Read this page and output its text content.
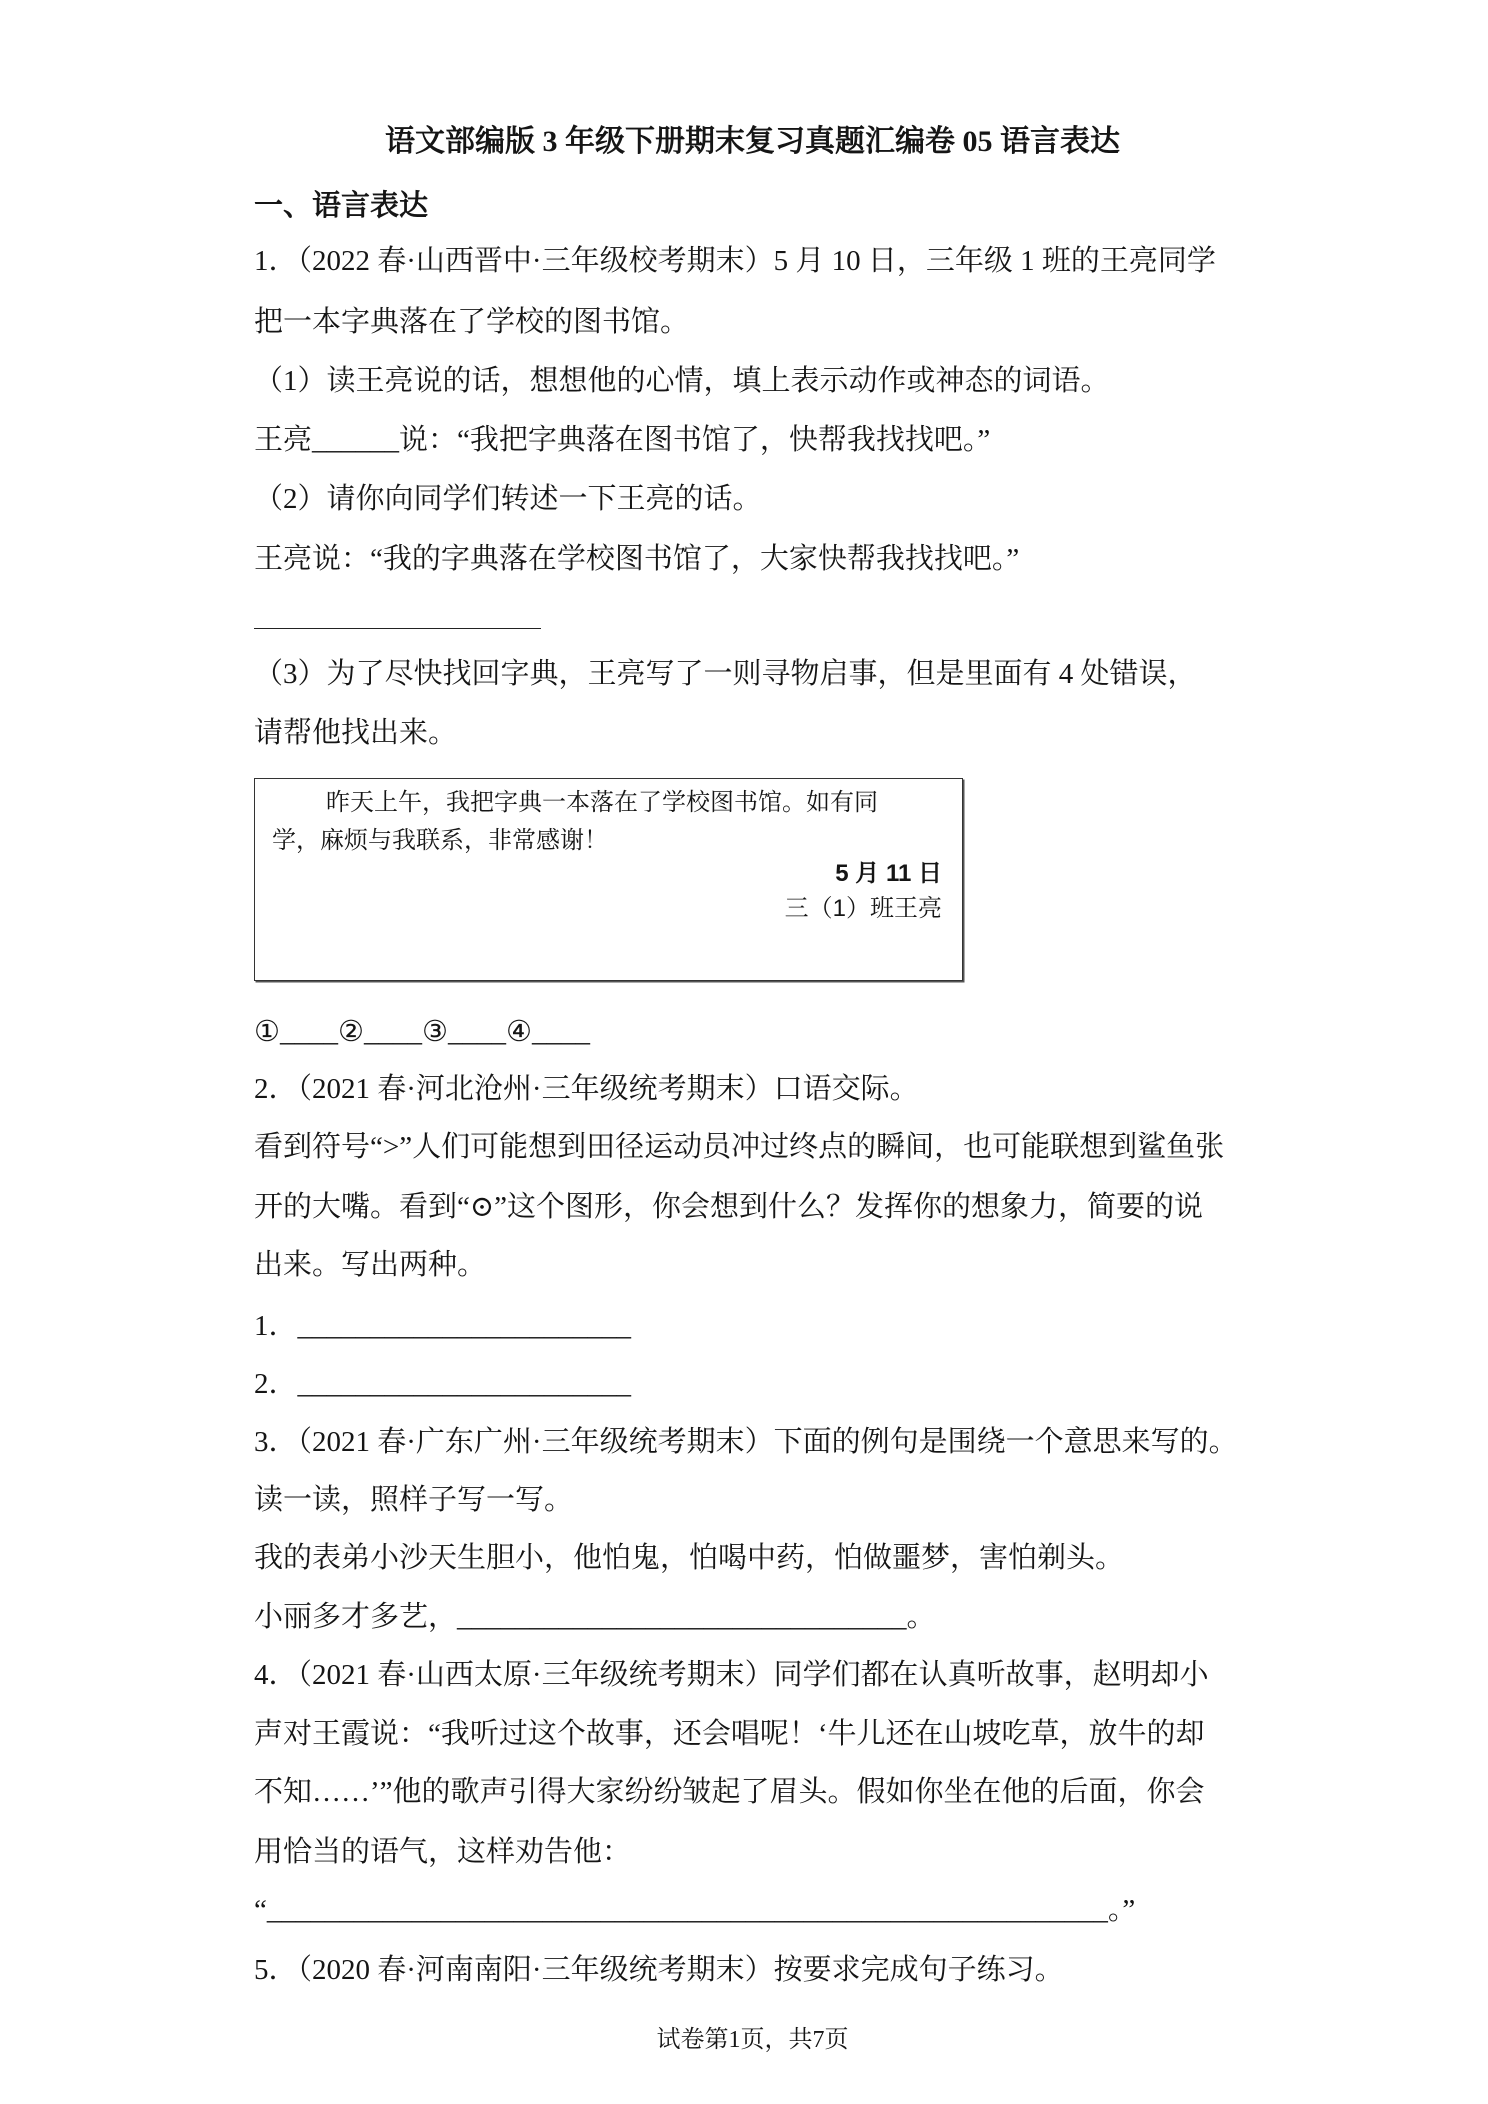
语文部编版 3 年级下册期末复习真题汇编卷 05 语言表达
一、语言表达
1．（2022 春·山西晋中·三年级校考期末）5 月 10 日，三年级 1 班的王亮同学
把一本字典落在了学校的图书馆。
（1）读王亮说的话，想想他的心情，填上表示动作或神态的词语。
王亮______说：“我把字典落在图书馆了，快帮我找找吧。”
（2）请你向同学们转述一下王亮的话。
王亮说：“我的字典落在学校图书馆了，大家快帮我找找吧。”
（3）为了尽快找回字典，王亮写了一则寻物启事，但是里面有 4 处错误，
请帮他找出来。
昨天上午，我把字典一本落在了学校图书馆。如有同
学，麻烦与我联系，非常感谢！
5 月 11 日
三（1）班王亮
①____②____③____④____
2．（2021 春·河北沧州·三年级统考期末）口语交际。
看到符号“>”人们可能想到田径运动员冲过终点的瞬间，也可能联想到鲨鱼张
开的大嘴。看到“⊙”这个图形，你会想到什么？发挥你的想象力，简要的说
出来。写出两种。
1．_______________________
2．_______________________
3．（2021 春·广东广州·三年级统考期末）下面的例句是围绕一个意思来写的。
读一读，照样子写一写。
我的表弟小沙天生胆小，他怕鬼，怕喝中药，怕做噩梦，害怕剃头。
小丽多才多艺，_______________________________。
4．（2021 春·山西太原·三年级统考期末）同学们都在认真听故事，赵明却小
声对王霞说：“我听过这个故事，还会唱呢！‘牛儿还在山坡吃草，放牛的却
不知……’”他的歌声引得大家纷纷皱起了眉头。假如你坐在他的后面，你会
用恰当的语气，这样劝告他：
“__________________________________________________________。”
5．（2020 春·河南南阳·三年级统考期末）按要求完成句子练习。
试卷第1页，共7页
